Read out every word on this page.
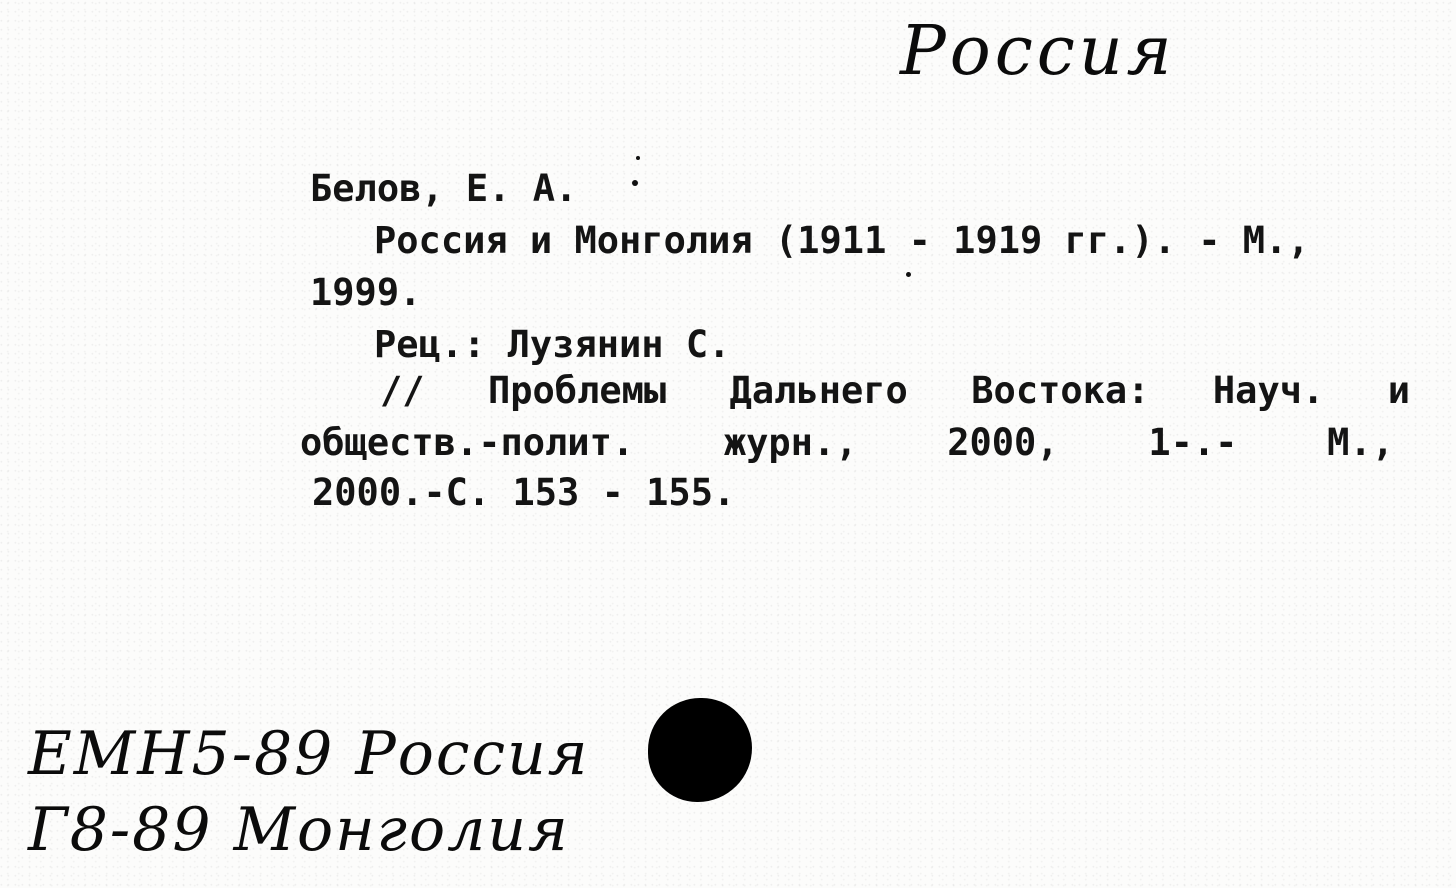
Россия
Белов, Е. А.
Россия и Монголия (1911 - 1919 гг.). - М.,
1999.
Рец.: Лузянин С.
// Проблемы Дальнего Востока: Науч. и
обществ.-полит. журн., 2000, 1-.- М.,
2000.-С. 153 - 155.
ЕМН5-89 Россия
Г8-89 Монголия
